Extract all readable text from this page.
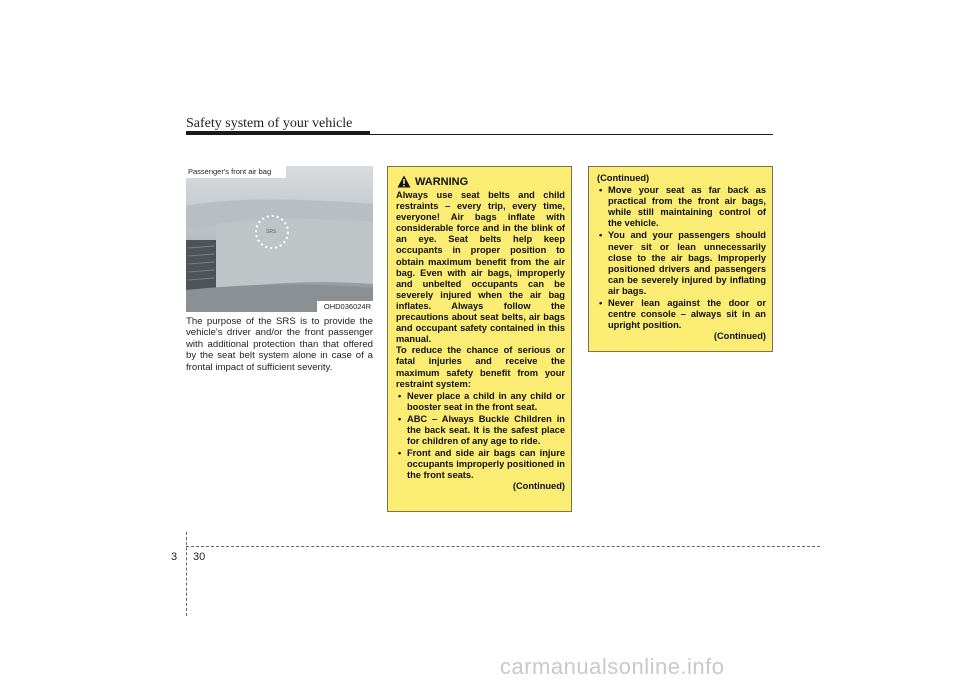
Safety system of your vehicle
SRS
Passenger's front air bag
OHD036024R
The purpose of the SRS is to provide the vehicle's driver and/or the front passenger with additional protection than that offered by the seat belt system alone in case of a frontal impact of sufficient severity.
WARNING

Always use seat belts and child restraints – every trip, every time, everyone! Air bags inflate with considerable force and in the blink of an eye. Seat belts help keep occupants in proper position to obtain maximum benefit from the air bag. Even with air bags, improperly and unbelted occupants can be severely injured when the air bag inflates. Always follow the precautions about seat belts, air bags and occupant safety contained in this manual.

To reduce the chance of serious or fatal injuries and receive the maximum safety benefit from your restraint system:

• Never place a child in any child or booster seat in the front seat.
• ABC – Always Buckle Children in the back seat. It is the safest place for children of any age to ride.
• Front and side air bags can injure occupants improperly positioned in the front seats.

(Continued)

(Continued)

• Move your seat as far back as practical from the front air bags, while still maintaining control of the vehicle.
• You and your passengers should never sit or lean unnecessarily close to the air bags. Improperly positioned drivers and passengers can be severely injured by inflating air bags.
• Never lean against the door or centre console – always sit in an upright position.

(Continued)

3 30
carmanualsonline.info
